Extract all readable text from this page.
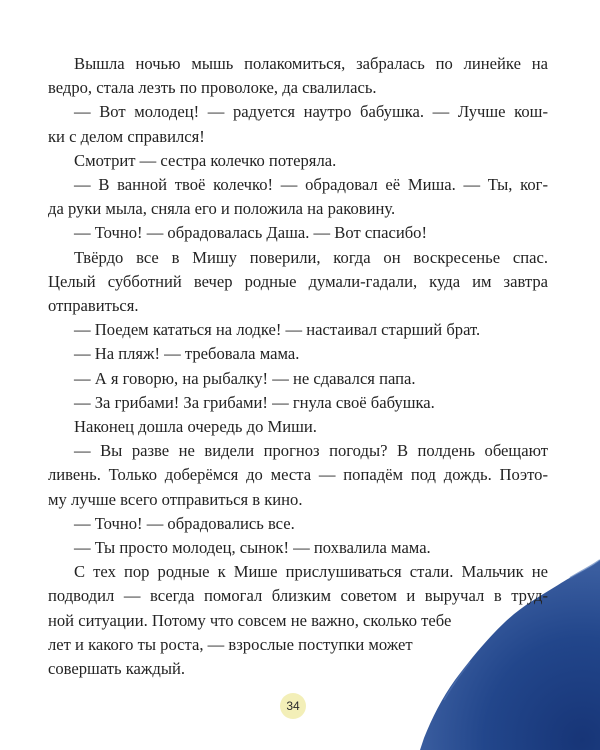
Вышла ночью мышь полакомиться, забралась по линейке на
ведро, стала лезть по проволоке, да свалилась.
— Вот молодец! — радуется наутро бабушка. — Лучше кош-
ки с делом справился!
Смотрит — сестра колечко потеряла.
— В ванной твоё колечко! — обрадовал её Миша. — Ты, ког-
да руки мыла, сняла его и положила на раковину.
— Точно! — обрадовалась Даша. — Вот спасибо!
Твёрдо все в Мишу поверили, когда он воскресенье спас.
Целый субботний вечер родные думали-гадали, куда им завтра
отправиться.
— Поедем кататься на лодке! — настаивал старший брат.
— На пляж! — требовала мама.
— А я говорю, на рыбалку! — не сдавался папа.
— За грибами! За грибами! — гнула своё бабушка.
Наконец дошла очередь до Миши.
— Вы разве не видели прогноз погоды? В полдень обещают
ливень. Только доберёмся до места — попадём под дождь. Поэто-
му лучше всего отправиться в кино.
— Точно! — обрадовались все.
— Ты просто молодец, сынок! — похвалила мама.
С тех пор родные к Мише прислушиваться стали. Мальчик не
подводил — всегда помогал близким советом и выручал в труд-
ной ситуации. Потому что совсем не важно, сколько тебе
лет и какого ты роста, — взрослые поступки может
совершать каждый.
34
